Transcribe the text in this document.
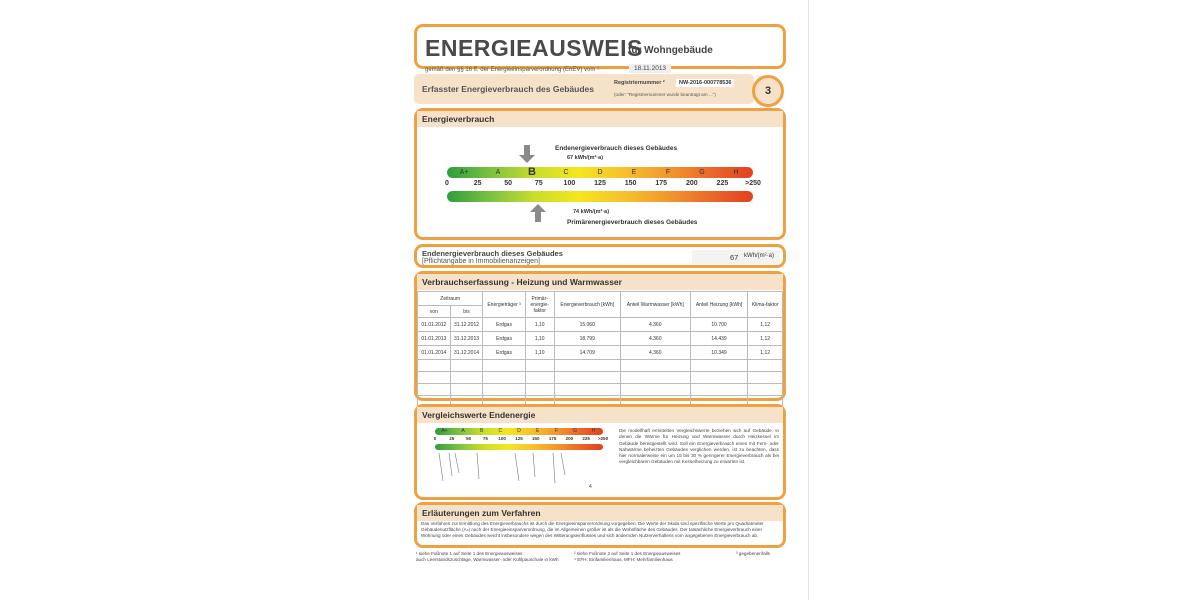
ENERGIEAUSWEIS
für Wohngebäude
gemäß den §§ 16 ff. der Energieeinsparverordnung (EnEV) vom ¹	18.11.2013
Erfasster Energieverbrauch des Gebäudes
Registriernummer ²	NW-2016-000778536
(oder: "Registriernummer wurde beantragt am ...")	3
Energieverbrauch
Endenergieverbrauch dieses Gebäudes
67 kWh/(m²·a)
A+	A	B	C	D	E	F	G	H
0	25	50	75	100	125	150	175	200	225 >250
74 kWh/(m²·a)
Primärenergieverbrauch dieses Gebäudes
Endenergieverbrauch dieses Gebäudes
[Pflichtangabe in Immobilienanzeigen]	67 kWh/(m²·a)
Verbrauchserfassung - Heizung und Warmwasser
Zeitraum		Energieträger ³	Primär-energie-faktor	Energieverbrauch [kWh]	Anteil Warmwasser [kWh]	Anteil Heizung [kWh]	Klima-faktor
von	bis						
01.01.2012	31.12.2012	Erdgas	1,10	15.060	4.360	10.700	1,12
01.01.2013	31.12.2013	Erdgas	1,10	18.799	4.360	14.439	1,12
01.01.2014	31.12.2014	Erdgas	1,10	14.709	4.360	10.349	1,12

Vergleichswerte Endenergie
A+	A	B	C	D	E	F	G	H
0	25	50	75 100 125 150 175 200 225 >250
4
Die modellhaft ermittelten Vergleichswerte beziehen sich auf Gebäude, in denen die Wärme für Heizung und Warmwasser durch Heizkessel im Gebäude bereitgestellt wird. Soll ein Energieverbrauch eines mit Fern- oder Nahwärme beheizten Gebäudes verglichen werden, ist zu beachten, dass hier normalerweise ein um 15 bis 30 % geringerer Energieverbrauch als bei vergleichbaren Gebäuden mit Kesselheizung zu erwarten ist.
Erläuterungen zum Verfahren
Das Verfahren zur Ermittlung des Energieverbrauchs ist durch die Energieeinsparverordnung vorgegeben. Die Werte der Skala sind spezifische Werte pro Quadratmeter Gebäudenutzfläche (Aₙ) nach der Energieeinsparverordnung, die im Allgemeinen größer ist als die Wohnfläche des Gebäudes. Der tatsächliche Energieverbrauch einer Wohnung oder eines Gebäudes weicht insbesondere wegen des Witterungseinflusses und sich ändernden Nutzerverhaltens vom angegebenen Energieverbrauch ab.
¹ siehe Fußnote 1 auf Seite 1 des Energieausweises
auch Leerstandszuschläge, Warmwasser- oder Kühlpauschale in kWh
² siehe Fußnote 2 auf Seite 1 des Energieausweises
⁴ EFH: Einfamilienhaus, MFH: Mehrfamilienhaus
³ gegebenenfalls
